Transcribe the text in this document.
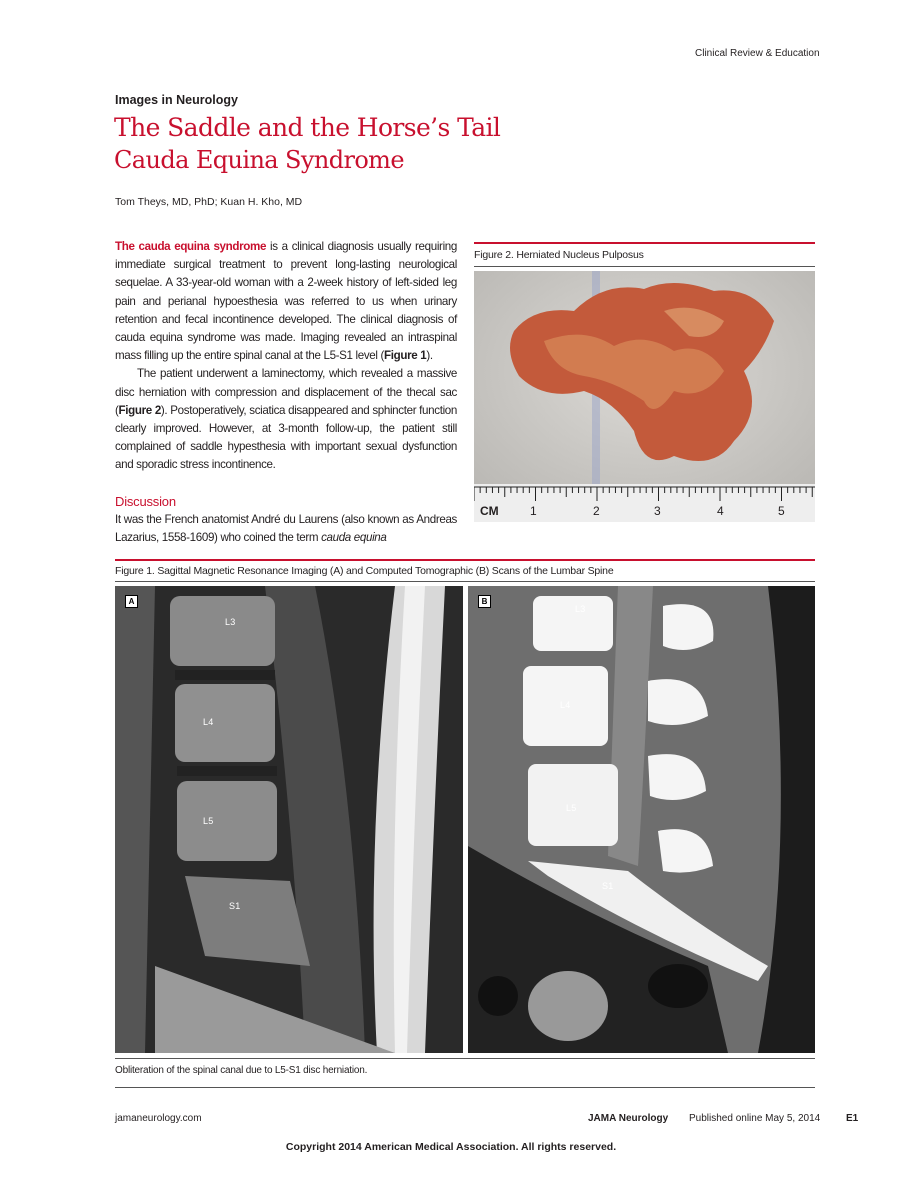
Clinical Review & Education
Images in Neurology
The Saddle and the Horse’s Tail
Cauda Equina Syndrome
Tom Theys, MD, PhD; Kuan H. Kho, MD

The cauda equina syndrome is a clinical diagnosis usually requiring immediate surgical treatment to prevent long-lasting neurological sequelae. A 33-year-old woman with a 2-week history of left-sided leg pain and perianal hypoesthesia was referred to us when urinary retention and fecal incontinence developed. The clinical diagnosis of cauda equina syndrome was made. Imaging revealed an intraspinal mass filling up the entire spinal canal at the L5-S1 level (Figure 1).

The patient underwent a laminectomy, which revealed a massive disc herniation with compression and displacement of the thecal sac (Figure 2). Postoperatively, sciatica disappeared and sphincter function clearly improved. However, at 3-month follow-up, the patient still complained of saddle hypesthesia with important sexual dysfunction and sporadic stress incontinence.

Discussion

It was the French anatomist André du Laurens (also known as Andreas Lazarius, 1558-1609) who coined the term cauda equina

Figure 2. Herniated Nucleus Pulposus
CM	1	2	3	4	5
Figure 1. Sagittal Magnetic Resonance Imaging (A) and Computed Tomographic (B) Scans of the Lumbar Spine
A
L3
L4
L5
S1
B
L3
L4
L5
S1
Obliteration of the spinal canal due to L5-S1 disc herniation.
jamaneurology.com	JAMA Neurology Published online May 5, 2014	E1
Copyright 2014 American Medical Association. All rights reserved.
